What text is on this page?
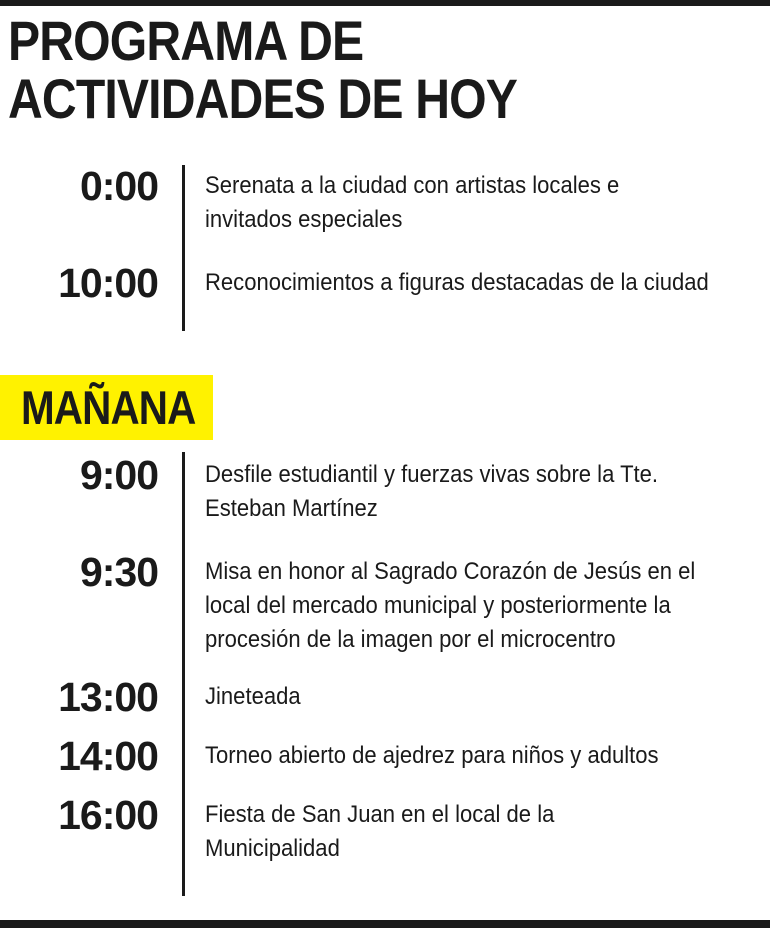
PROGRAMA DE
ACTIVIDADES DE HOY
0:00 Serenata a la ciudad con artistas locales e invitados especiales
10:00 Reconocimientos a figuras destacadas de la ciudad
MAÑANA
9:00 Desfile estudiantil y fuerzas vivas sobre la Tte. Esteban Martínez
9:30 Misa en honor al Sagrado Corazón de Jesús en el local del mercado municipal y posteriormente la procesión de la imagen por el microcentro
13:00 Jineteada
14:00 Torneo abierto de ajedrez para niños y adultos
16:00 Fiesta de San Juan en el local de la Municipalidad
